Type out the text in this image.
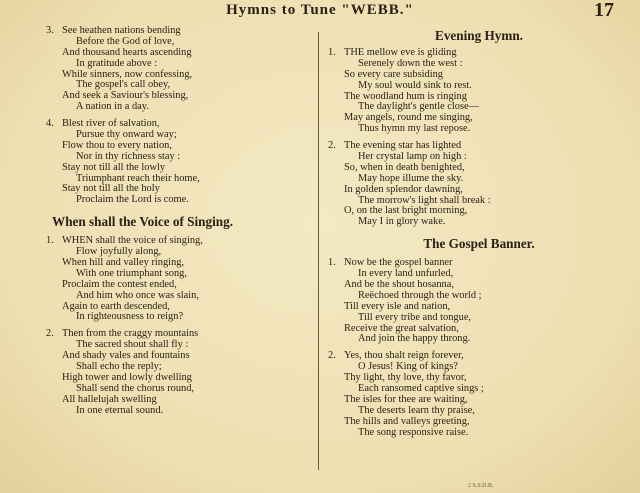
Hymns to Tune "WEBB."	17
3. See heathen nations bending
Before the God of love,
And thousand hearts ascending
In gratitude above :
While sinners, now confessing,
The gospel's call obey,
And seek a Saviour's blessing,
A nation in a day.
4. Blest river of salvation,
Pursue thy onward way;
Flow thou to every nation,
Nor in thy richness stay :
Stay not till all the lowly
Triumphant reach their home,
Stay not till all the holy
Proclaim the Lord is come.
When shall the Voice of Singing.
1. WHEN shall the voice of singing,
Flow joyfully along,
When hill and valley ringing,
With one triumphant song,
Proclaim the contest ended,
And him who once was slain,
Again to earth descended,
In righteousness to reign?
2. Then from the craggy mountains
The sacred shout shall fly :
And shady vales and fountains
Shall echo the reply;
High tower and lowly dwelling
Shall send the chorus round,
All hallelujah swelling
In one eternal sound.
Evening Hymn.
1. THE mellow eve is gliding
Serenely down the west :
So every care subsiding
My soul would sink to rest.
The woodland hum is ringing
The daylight's gentle close—
May angels, round me singing,
Thus hymn my last repose.
2. The evening star has lighted
Her crystal lamp on high :
So, when in death benighted,
May hope illume the sky.
In golden splendor dawning,
The morrow's light shall break :
O, on the last bright morning,
May I in glory wake.
The Gospel Banner.
1. Now be the gospel banner
In every land unfurled,
And be the shout hosanna,
Reëchoed through the world ;
Till every isle and nation,
Till every tribe and tongue,
Receive the great salvation,
And join the happy throng.
2. Yes, thou shalt reign forever,
O Jesus! King of kings?
Thy light, thy love, thy favor,
Each ransomed captive sings ;
The isles for thee are waiting,
The deserts learn thy praise,
The hills and valleys greeting,
The song responsive raise.
2 S.S.D.B.
